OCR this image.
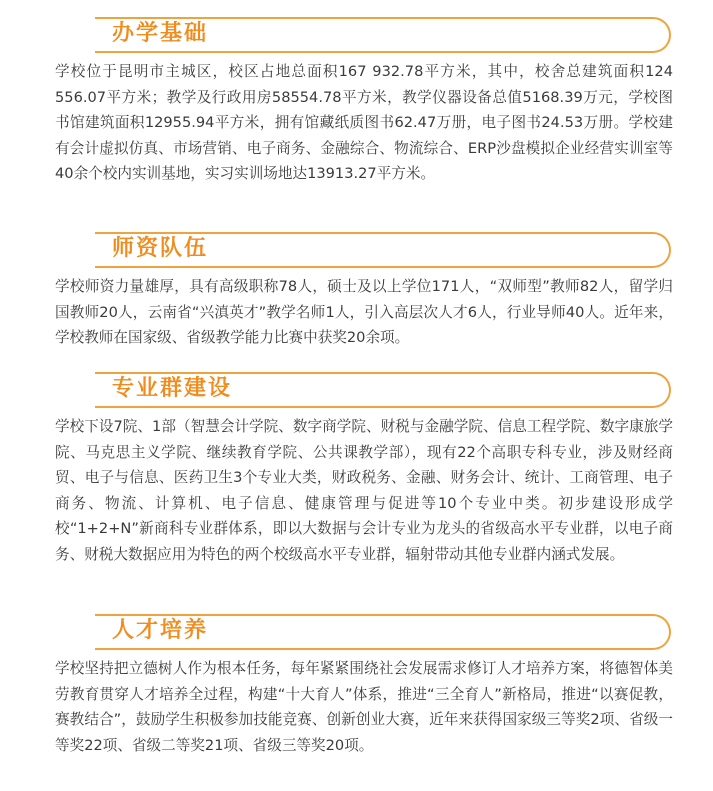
办学基础

学校位于昆明市主城区，校区占地总面积167 932.78平方米，其中，校舍总建筑面积124 556.07平方米；教学及行政用房58554.78平方米，教学仪器设备总值5168.39万元，学校图书馆建筑面积12955.94平方米，拥有馆藏纸质图书62.47万册，电子图书24.53万册。学校建有会计虚拟仿真、市场营销、电子商务、金融综合、物流综合、ERP沙盘模拟企业经营实训室等40余个校内实训基地，实习实训场地达13913.27平方米。

师资队伍

学校师资力量雄厚，具有高级职称78人，硕士及以上学位171人，“双师型”教师82人，留学归国教师20人，云南省“兴滇英才”教学名师1人，引入高层次人才6人，行业导师40人。近年来，学校教师在国家级、省级教学能力比赛中获奖20余项。

专业群建设

学校下设7院、1部（智慧会计学院、数字商学院、财税与金融学院、信息工程学院、数字康旅学院、马克思主义学院、继续教育学院、公共课教学部），现有22个高职专科专业，涉及财经商贸、电子与信息、医药卫生3个专业大类，财政税务、金融、财务会计、统计、工商管理、电子商务、物流、计算机、电子信息、健康管理与促进等10个专业中类。初步建设形成学校“1+2+N”新商科专业群体系，即以大数据与会计专业为龙头的省级高水平专业群，以电子商务、财税大数据应用为特色的两个校级高水平专业群，辐射带动其他专业群内涵式发展。

人才培养

学校坚持把立德树人作为根本任务，每年紧紧围绕社会发展需求修订人才培养方案，将德智体美劳教育贯穿人才培养全过程，构建“十大育人”体系，推进“三全育人”新格局，推进“以赛促教，赛教结合”，鼓励学生积极参加技能竞赛、创新创业大赛，近年来获得国家级三等奖2项、省级一等奖22项、省级二等奖21项、省级三等奖20项。
